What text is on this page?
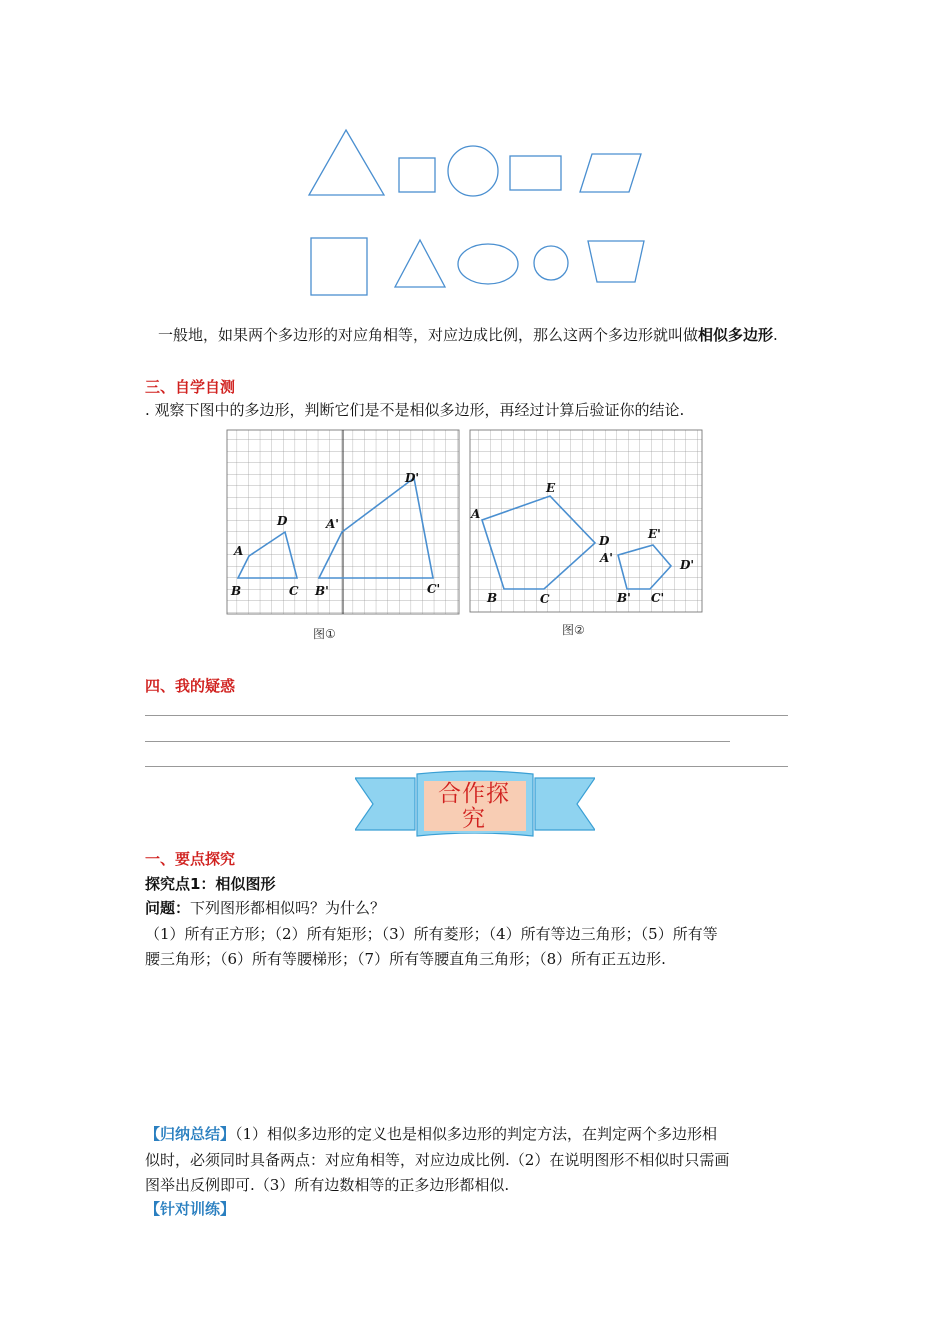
一般地，如果两个多边形的对应角相等，对应边成比例，那么这两个多边形就叫做相似多边形.
三、自学自测
. 观察下图中的多边形，判断它们是不是相似多边形，再经过计算后验证你的结论.
A
B	C
D	A'
B'	C'
D'
图①
A
B	C
D
E
A'
B' C'
D'
E'
图②
四、我的疑惑
合作探究
一、要点探究
探究点1：相似图形
问题：下列图形都相似吗？为什么？
（1）所有正方形；（2）所有矩形；（3）所有菱形；（4）所有等边三角形；（5）所有等
腰三角形；（6）所有等腰梯形；（7）所有等腰直角三角形；（8）所有正五边形.
【归纳总结】（1）相似多边形的定义也是相似多边形的判定方法，在判定两个多边形相
似时，必须同时具备两点：对应角相等，对应边成比例.（2）在说明图形不相似时只需画
图举出反例即可.（3）所有边数相等的正多边形都相似.
【针对训练】
